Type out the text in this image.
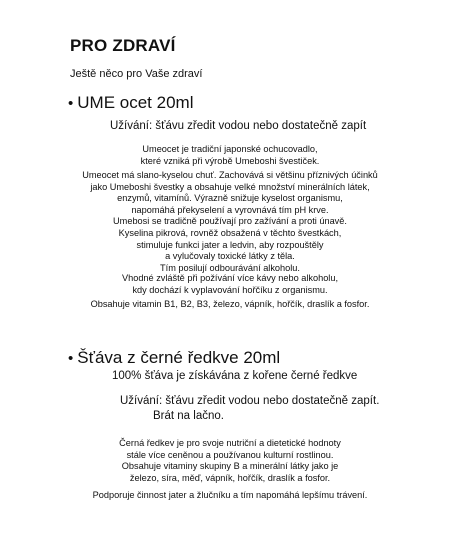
PRO ZDRAVÍ
Ještě něco pro Vaše zdraví
• UME ocet 20ml
Užívání: šťávu zředit vodou nebo dostatečně zapít
Umeocet je tradiční japonské ochucovadlo,
které vzniká při výrobě Umeboshi švestiček.
Umeocet má slano-kyselou chuť. Zachovává si většinu příznivých účinků
jako Umeboshi švestky a obsahuje velké množství minerálních látek,
enzymů, vitamínů. Výrazně snižuje kyselost organismu,
napomáhá překyselení a vyrovnává tím pH krve.
Umebosi se tradičně používají pro zažívání a proti únavě.
Kyselina pikrová, rovněž obsažená v těchto švestkách,
stimuluje funkci jater a ledvin, aby rozpouštěly
a vylučovaly toxické látky z těla.
Tím posilují odbourávání alkoholu.
Vhodné zvláště při požívání více kávy nebo alkoholu,
kdy dochází k vyplavování hořčíku z organismu.
Obsahuje vitamin B1, B2, B3, železo, vápník, hořčík, draslík a fosfor.
• Šťáva z černé ředkve 20ml
100% šťáva je získávána z kořene černé ředkve
Užívání: šťávu zředit vodou nebo dostatečně zapít.
Brát na lačno.
Černá ředkev je pro svoje nutriční a dietetické hodnoty
stále více ceněnou a používanou kulturní rostlinou.
Obsahuje vitaminy skupiny B a minerální látky jako je
železo, síra, měď, vápník, hořčík, draslík a fosfor.
Podporuje činnost jater a žlučníku a tím napomáhá lepšímu trávení.
